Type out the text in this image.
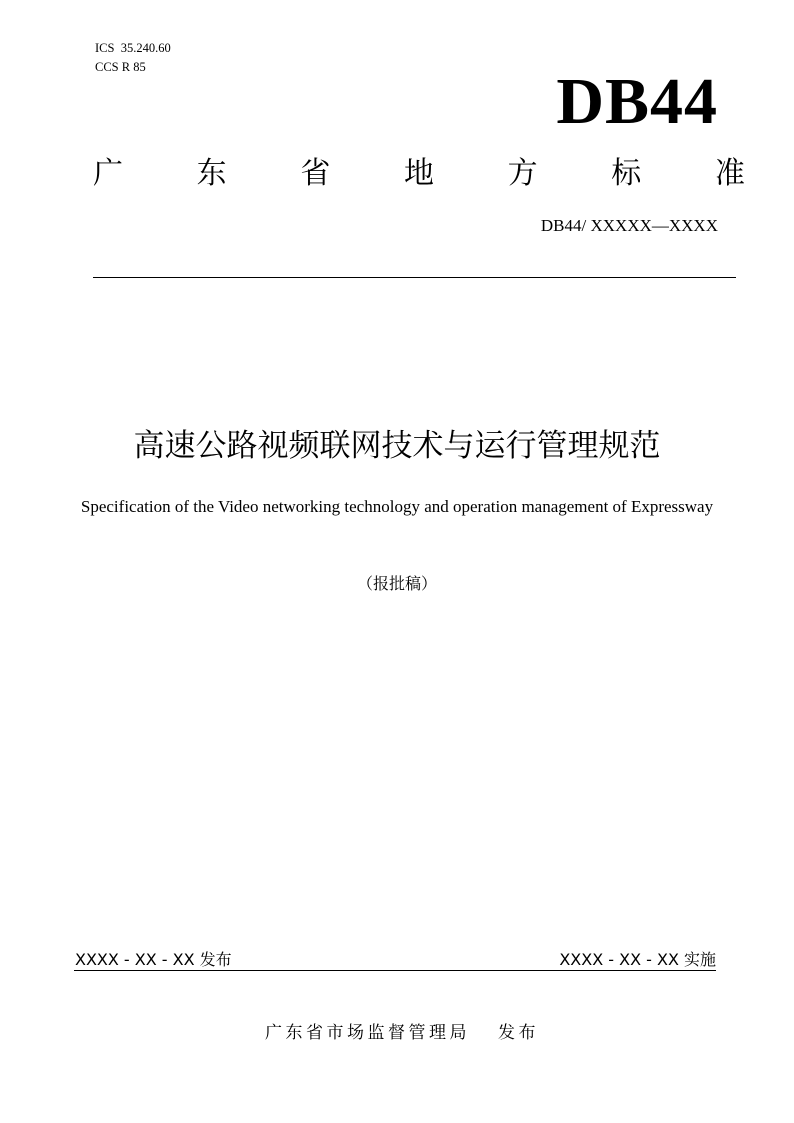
ICS  35.240.60
CCS R 85	DB44
广 东 省 地 方 标 准
DB44/ XXXXX—XXXX
高速公路视频联网技术与运行管理规范
Specification of the Video networking technology and operation management of Expressway
（报批稿）
XXXX - XX - XX 发布	XXXX - XX - XX 实施
广东省市场监督管理局 发布
